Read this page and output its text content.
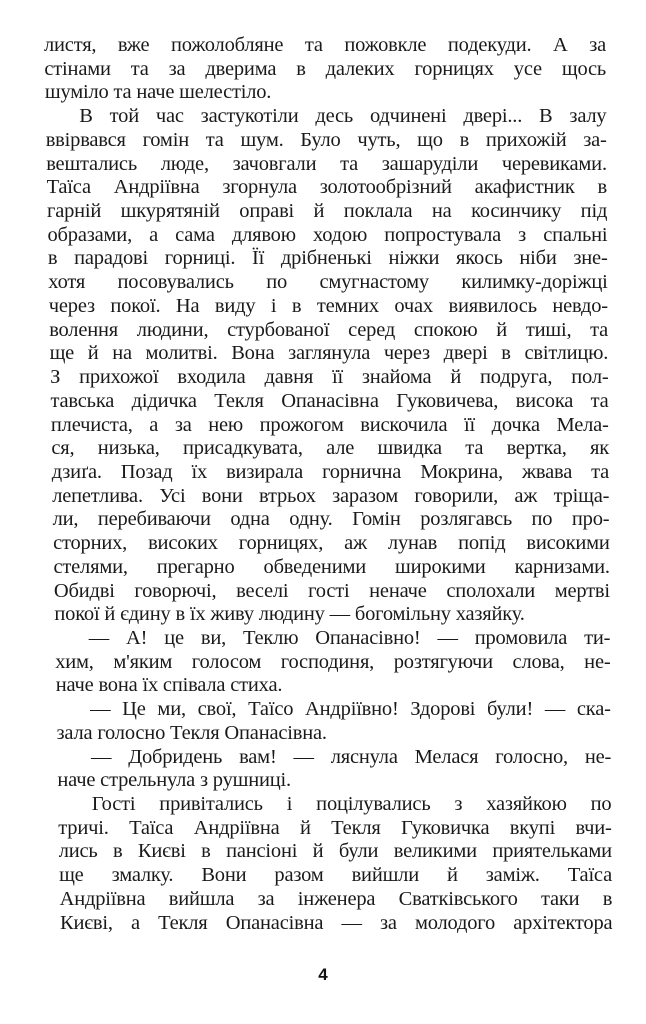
листя, вже пожолобляне та пожовкле подекуди. А за
стінами та за дверима в далеких горницях усе щось
шуміло та наче шелестіло.
В той час застукотіли десь одчинені двері... В залу
ввірвався гомін та шум. Було чуть, що в прихожій за-
вештались люде, зачовгали та зашаруділи черевиками.
Таїса Андріївна згорнула золотообрізний акафистник в
гарній шкурятяній оправі й поклала на косинчику під
образами, а сама длявою ходою попростувала з спальні
в парадові горниці. Її дрібненькі ніжки якось ніби зне-
хотя посовувались по смугнастому килимку-доріжці
через покої. На виду і в темних очах виявилось невдо-
волення людини, стурбованої серед спокою й тиші, та
ще й на молитві. Вона заглянула через двері в світлицю.
З прихожої входила давня її знайома й подруга, пол-
тавська дідичка Текля Опанасівна Гуковичева, висока та
плечиста, а за нею прожогом вискочила її дочка Мела-
ся, низька, присадкувата, але швидка та вертка, як
дзиґа. Позад їх визирала горнична Мокрина, жвава та
лепетлива. Усі вони втрьох заразом говорили, аж тріща-
ли, перебиваючи одна одну. Гомін розлягавсь по про-
сторних, високих горницях, аж лунав попід високими
стелями, прегарно обведеними широкими карнизами.
Обидві говорючі, веселі гості неначе сполохали мертві
покої й єдину в їх живу людину — богомільну хазяйку.
— А! це ви, Теклю Опанасівно! — промовила ти-
хим, м'яким голосом господиня, розтягуючи слова, не-
наче вона їх співала стиха.
— Це ми, свої, Таїсо Андріївно! Здорові були! — ска-
зала голосно Текля Опанасівна.
— Добридень вам! — ляснула Мелася голосно, не-
наче стрельнула з рушниці.
Гості привітались і поцілувались з хазяйкою по
тричі. Таїса Андріївна й Текля Гуковичка вкупі вчи-
лись в Києві в пансіоні й були великими приятельками
ще змалку. Вони разом вийшли й заміж. Таїса
Андріївна вийшла за інженера Сватківського таки в
Києві, а Текля Опанасівна — за молодого архітектора
4
